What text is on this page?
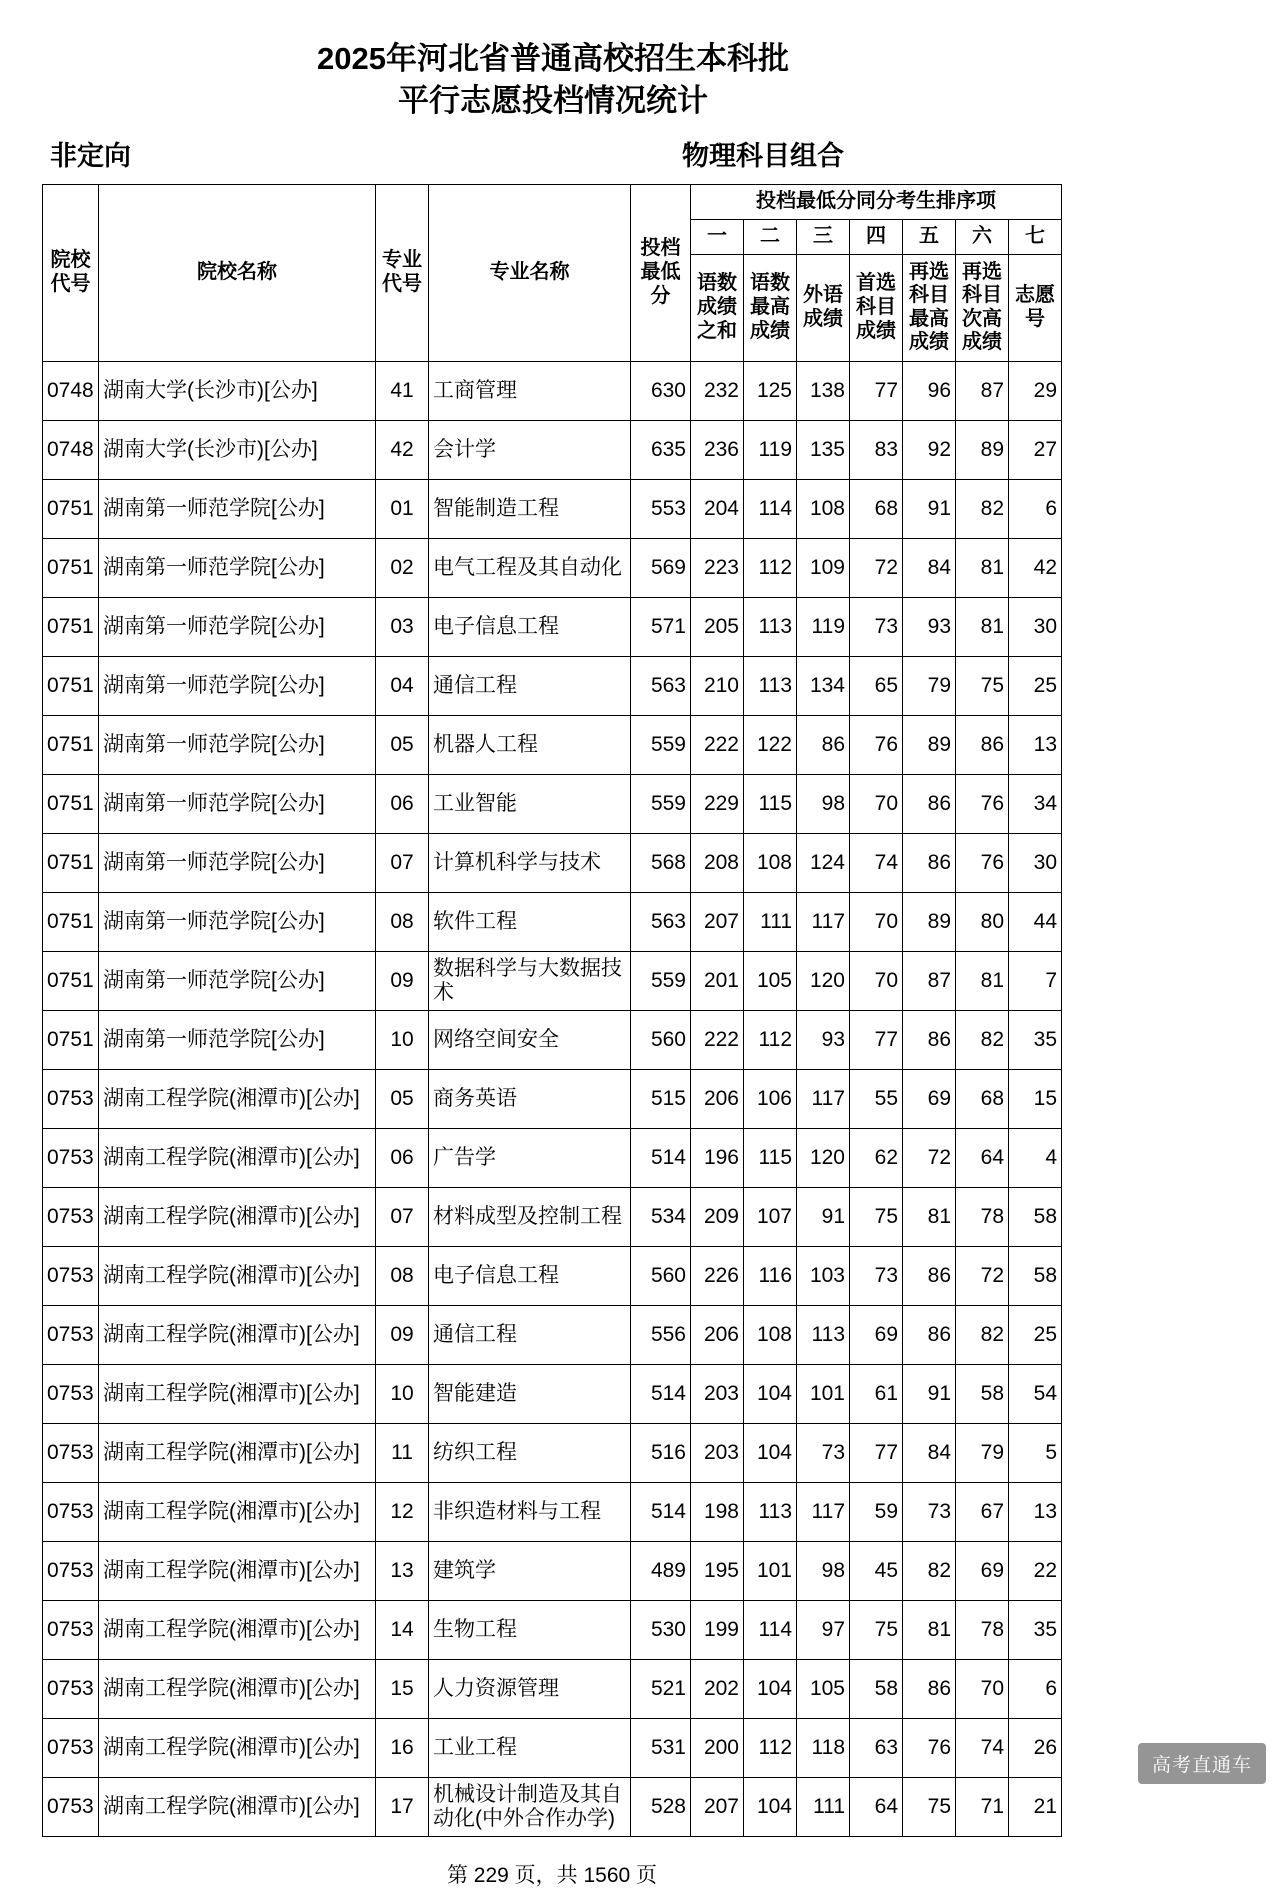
2025年河北省普通高校招生本科批
平行志愿投档情况统计
非定向	物理科目组合
院校代号	院校名称	专业代号	专业名称	投档最低分	投档最低分同分考生排序项						
					一	二	三	四	五	六	七
					语数成绩之和	语数最高成绩	外语成绩	首选科目成绩	再选科目最高成绩	再选科目次高成绩	志愿号
0748	湖南大学(长沙市)[公办]	41	工商管理	630	232	125	138	77	96	87	29
0748	湖南大学(长沙市)[公办]	42	会计学	635	236	119	135	83	92	89	27
0751	湖南第一师范学院[公办]	01	智能制造工程	553	204	114	108	68	91	82	6
0751	湖南第一师范学院[公办]	02	电气工程及其自动化	569	223	112	109	72	84	81	42
0751	湖南第一师范学院[公办]	03	电子信息工程	571	205	113	119	73	93	81	30
0751	湖南第一师范学院[公办]	04	通信工程	563	210	113	134	65	79	75	25
0751	湖南第一师范学院[公办]	05	机器人工程	559	222	122	86	76	89	86	13
0751	湖南第一师范学院[公办]	06	工业智能	559	229	115	98	70	86	76	34
0751	湖南第一师范学院[公办]	07	计算机科学与技术	568	208	108	124	74	86	76	30
0751	湖南第一师范学院[公办]	08	软件工程	563	207	111	117	70	89	80	44
0751	湖南第一师范学院[公办]	09	数据科学与大数据技术	559	201	105	120	70	87	81	7
0751	湖南第一师范学院[公办]	10	网络空间安全	560	222	112	93	77	86	82	35
0753	湖南工程学院(湘潭市)[公办]	05	商务英语	515	206	106	117	55	69	68	15
0753	湖南工程学院(湘潭市)[公办]	06	广告学	514	196	115	120	62	72	64	4
0753	湖南工程学院(湘潭市)[公办]	07	材料成型及控制工程	534	209	107	91	75	81	78	58
0753	湖南工程学院(湘潭市)[公办]	08	电子信息工程	560	226	116	103	73	86	72	58
0753	湖南工程学院(湘潭市)[公办]	09	通信工程	556	206	108	113	69	86	82	25
0753	湖南工程学院(湘潭市)[公办]	10	智能建造	514	203	104	101	61	91	58	54
0753	湖南工程学院(湘潭市)[公办]	11	纺织工程	516	203	104	73	77	84	79	5
0753	湖南工程学院(湘潭市)[公办]	12	非织造材料与工程	514	198	113	117	59	73	67	13
0753	湖南工程学院(湘潭市)[公办]	13	建筑学	489	195	101	98	45	82	69	22
0753	湖南工程学院(湘潭市)[公办]	14	生物工程	530	199	114	97	75	81	78	35
0753	湖南工程学院(湘潭市)[公办]	15	人力资源管理	521	202	104	105	58	86	70	6
0753	湖南工程学院(湘潭市)[公办]	16	工业工程	531	200	112	118	63	76	74	26
0753	湖南工程学院(湘潭市)[公办]	17	机械设计制造及其自动化(中外合作办学)	528	207	104	111	64	75	71	21
第 229 页，共 1560 页
高考直通车
